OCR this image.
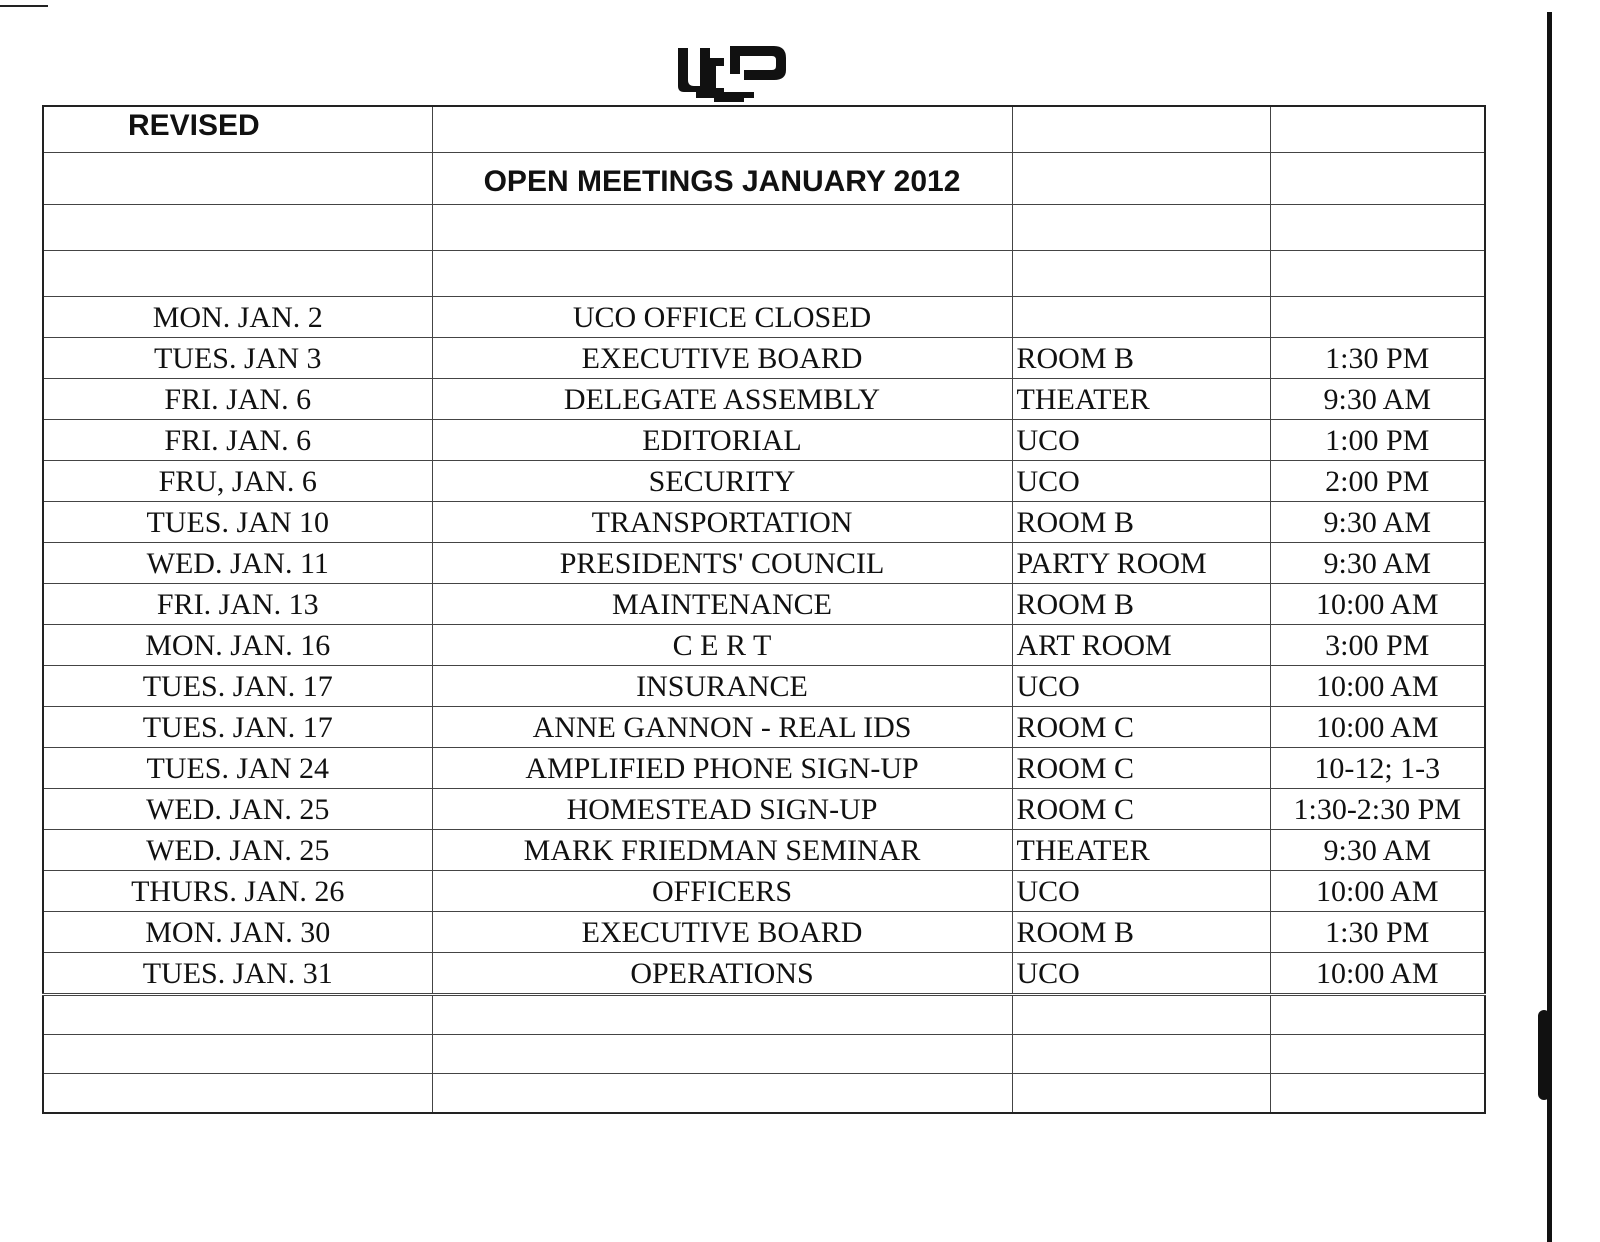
REVISED			
	OPEN MEETINGS JANUARY 2012		

MON. JAN. 2	UCO OFFICE CLOSED		
TUES. JAN 3	EXECUTIVE BOARD	ROOM B	1:30 PM
FRI. JAN. 6	DELEGATE ASSEMBLY	THEATER	9:30 AM
FRI. JAN. 6	EDITORIAL	UCO	1:00 PM
FRU, JAN. 6	SECURITY	UCO	2:00 PM
TUES. JAN 10	TRANSPORTATION	ROOM B	9:30 AM
WED. JAN. 11	PRESIDENTS' COUNCIL	PARTY ROOM	9:30 AM
FRI. JAN. 13	MAINTENANCE	ROOM B	10:00 AM
MON. JAN. 16	C E R T	ART ROOM	3:00 PM
TUES. JAN. 17	INSURANCE	UCO	10:00 AM
TUES. JAN. 17	ANNE GANNON - REAL IDS	ROOM C	10:00 AM
TUES. JAN 24	AMPLIFIED PHONE SIGN-UP	ROOM C	10-12; 1-3
WED. JAN. 25	HOMESTEAD SIGN-UP	ROOM C	1:30-2:30 PM
WED. JAN. 25	MARK FRIEDMAN SEMINAR	THEATER	9:30 AM
THURS. JAN. 26	OFFICERS	UCO	10:00 AM
MON. JAN. 30	EXECUTIVE BOARD	ROOM B	1:30 PM
TUES. JAN. 31	OPERATIONS	UCO	10:00 AM
